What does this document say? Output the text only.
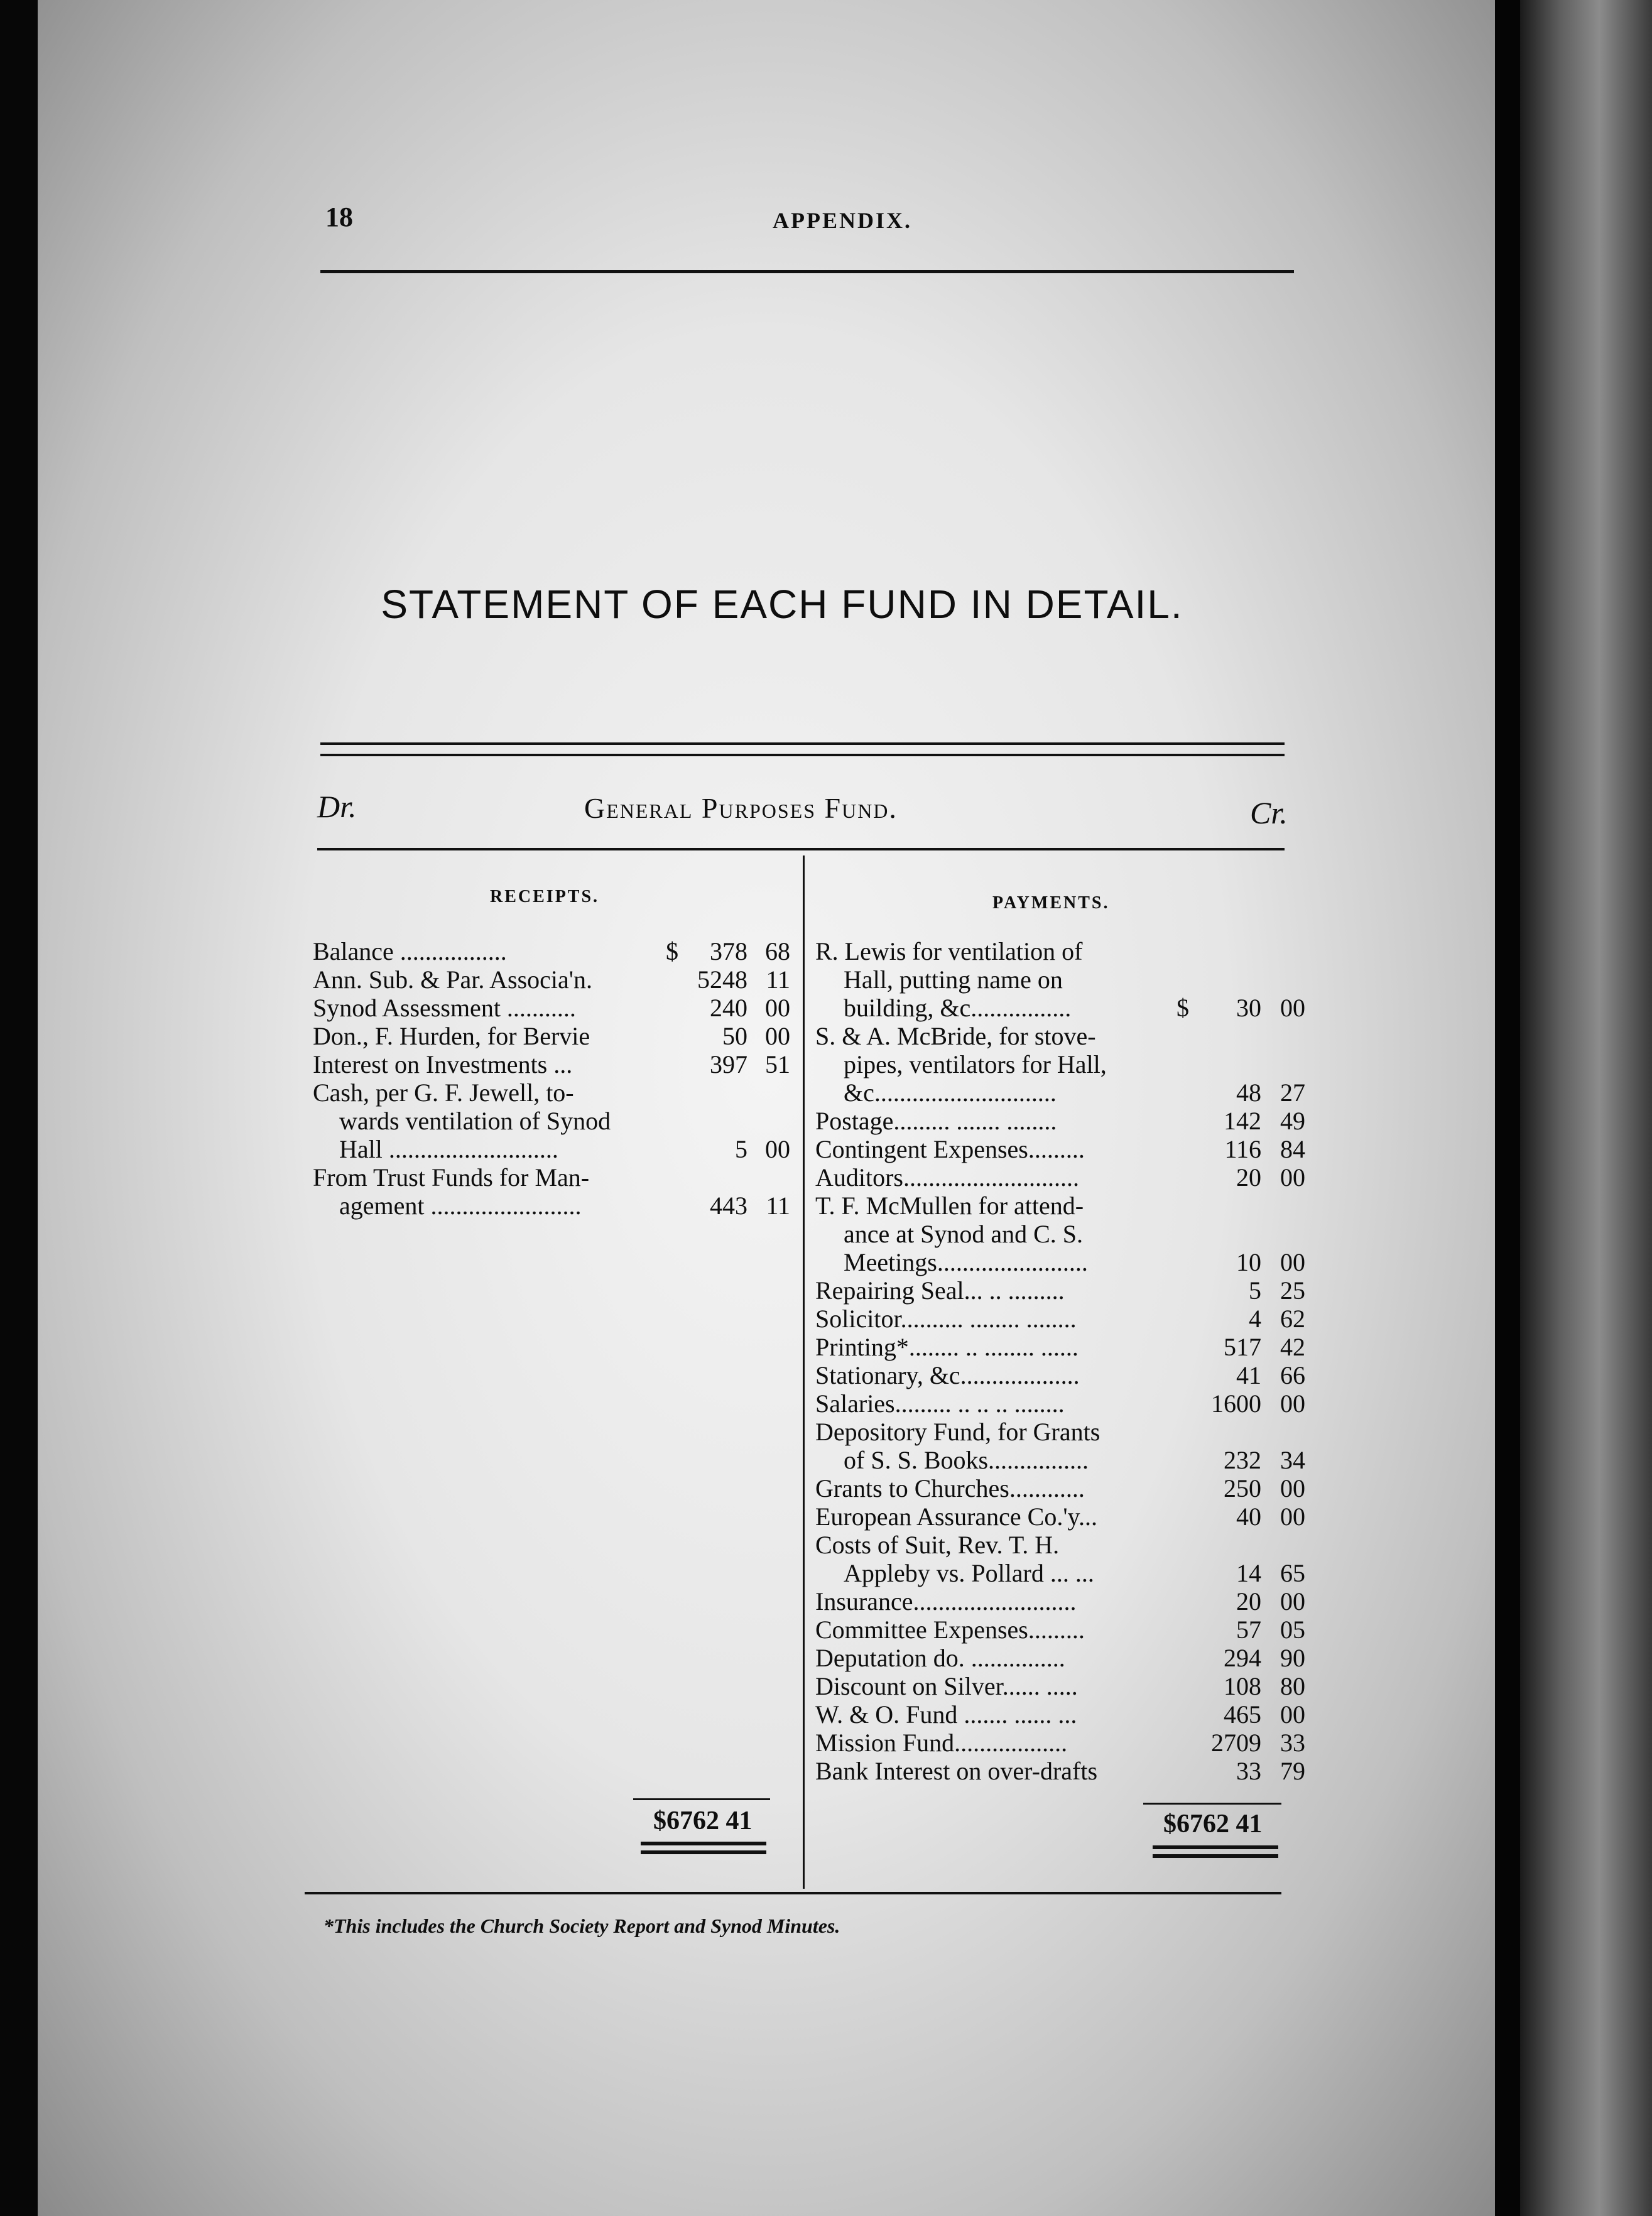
18	APPENDIX.
STATEMENT OF EACH FUND IN DETAIL.
Dr.	General Purposes Fund.	Cr.
RECEIPTS.	PAYMENTS.
Balance .................	$	378 68
Ann. Sub. & Par. Associa'n.	5248 11
Synod Assessment ...........	240 00
Don., F. Hurden, for Bervie	50 00
Interest on Investments ...	397 51
Cash, per G. F. Jewell, to-
wards ventilation of Synod
Hall ...........................	5 00
From Trust Funds for Man-
agement ........................	443 11
R. Lewis for ventilation of
Hall, putting name on
building, &c................	$	30 00
S. & A. McBride, for stove-
pipes, ventilators for Hall,
&c.............................	48 27
Postage......... ....... ........	142 49
Contingent Expenses.........	116 84
Auditors............................	20 00
T. F. McMullen for attend-
ance at Synod and C. S.
Meetings........................	10 00
Repairing Seal... .. .........	5 25
Solicitor.......... ........ ........	4 62
Printing*........ .. ........ ......	517 42
Stationary, &c...................	41 66
Salaries......... .. .. .. ........	1600 00
Depository Fund, for Grants
of S. S. Books................	232 34
Grants to Churches............	250 00
European Assurance Co.'y...	40 00
Costs of Suit, Rev. T. H.
Appleby vs. Pollard ... ...	14 65
Insurance..........................	20 00
Committee Expenses.........	57 05
Deputation do. ...............	294 90
Discount on Silver...... .....	108 80
W. & O. Fund ....... ...... ...	465 00
Mission Fund..................	2709 33
Bank Interest on over-drafts	33 79
$6762 41	$6762 41
*This includes the Church Society Report and Synod Minutes.
